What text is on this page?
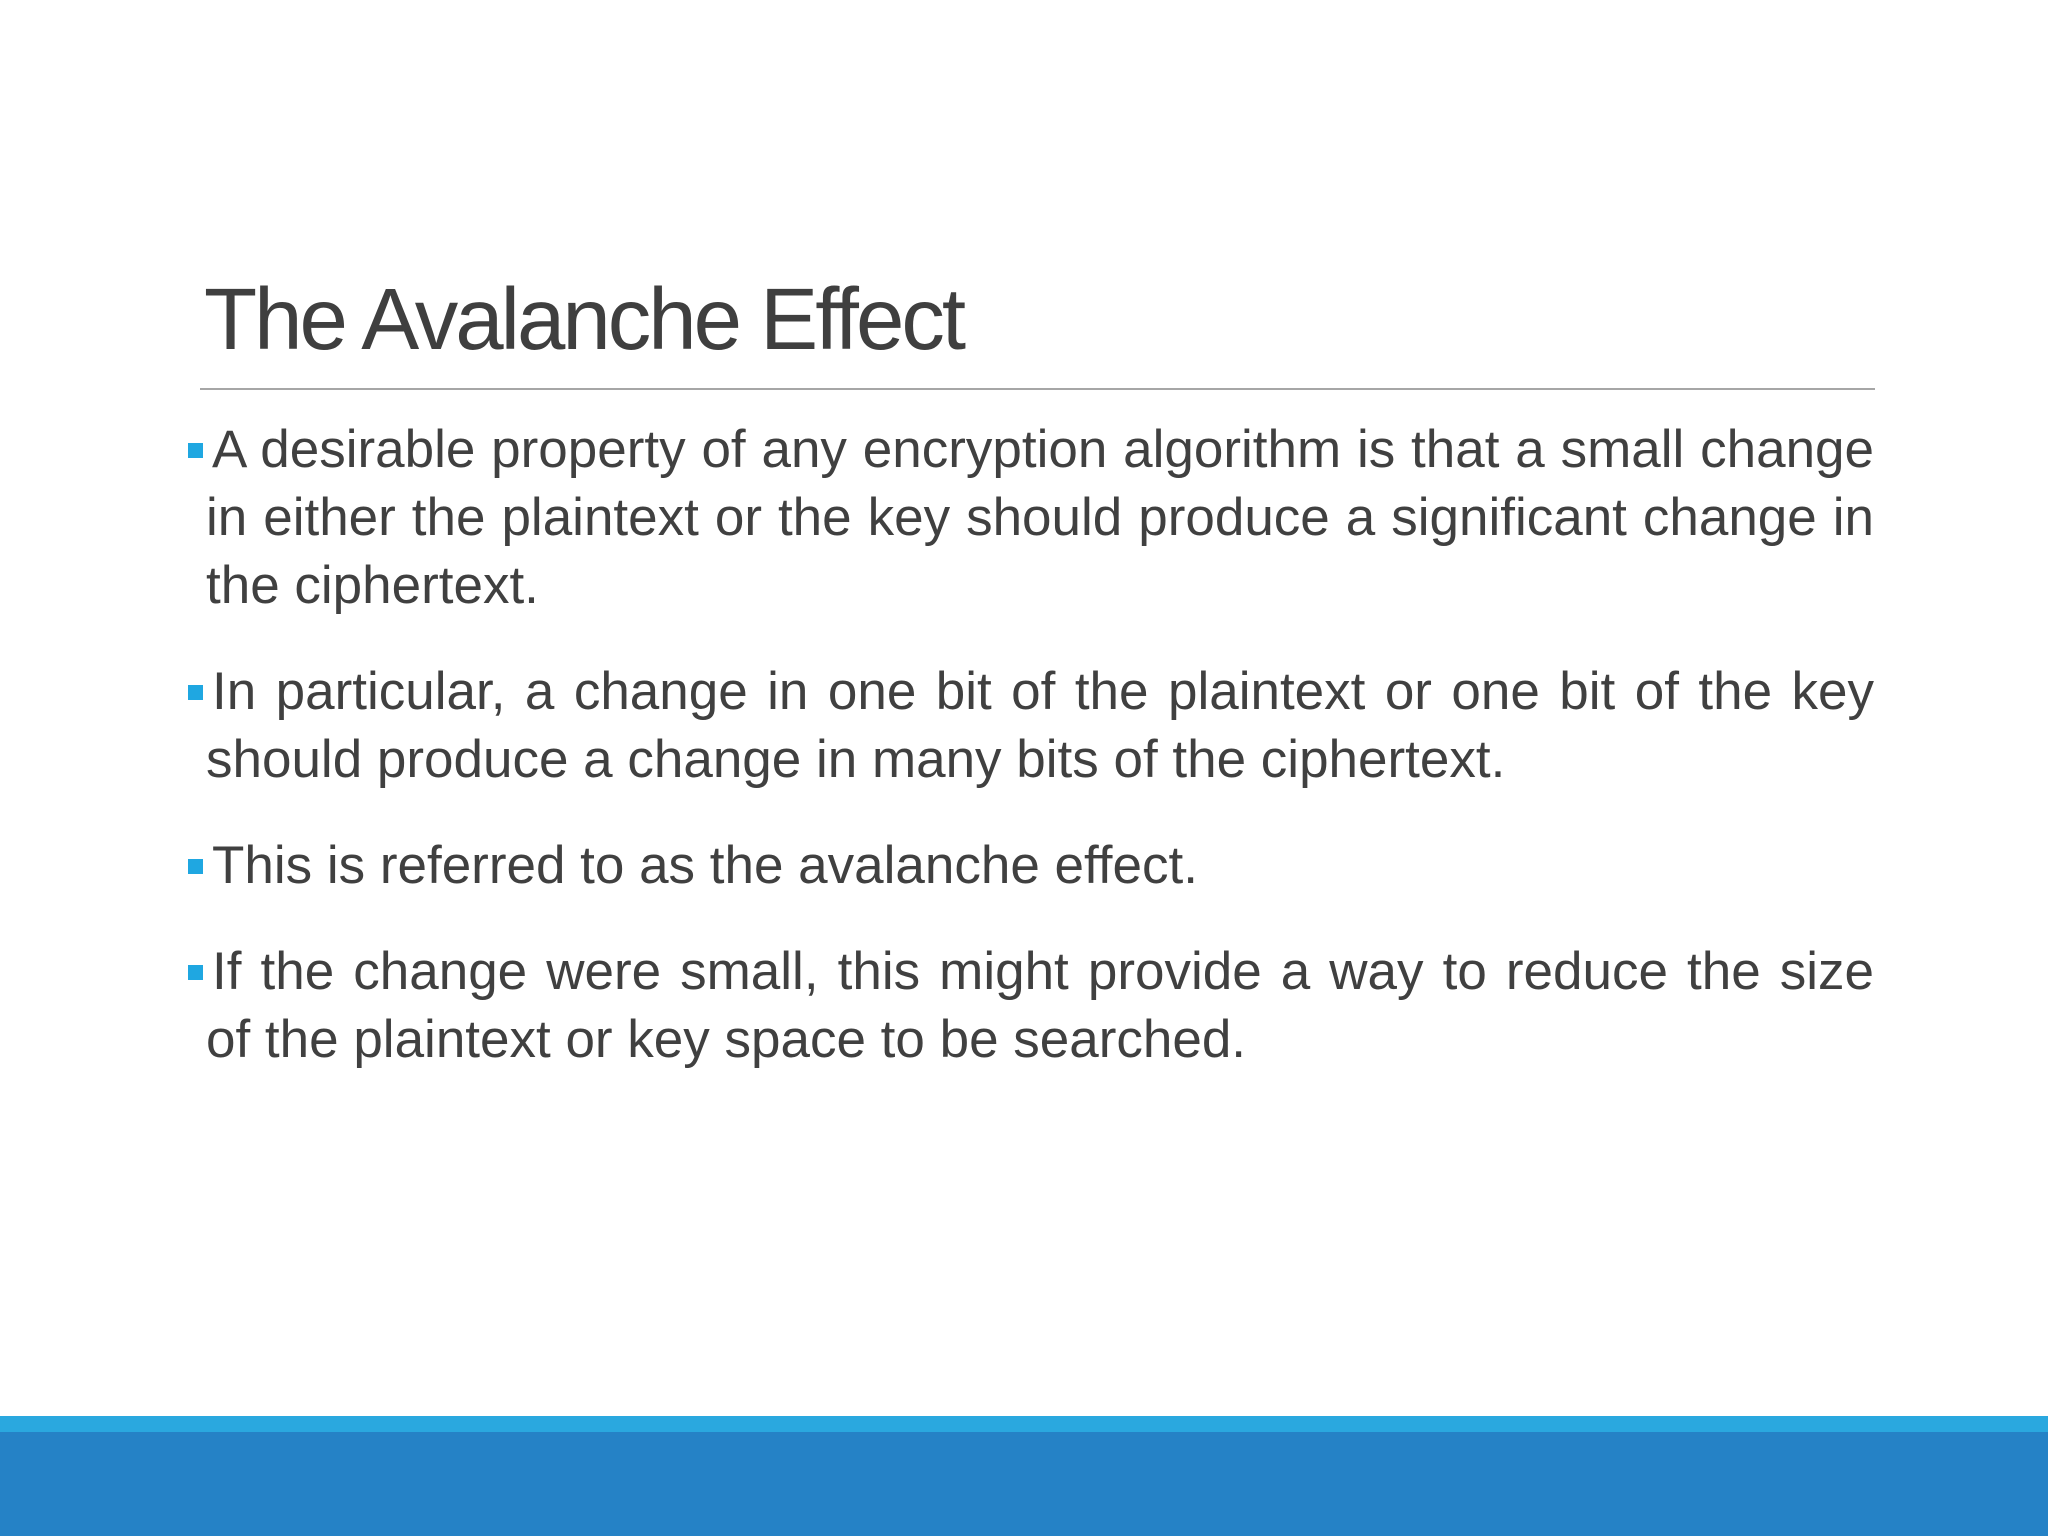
The Avalanche Effect
A desirable property of any encryption algorithm is that a small change in either the plaintext or the key should produce a significant change in the ciphertext.
In particular, a change in one bit of the plaintext or one bit of the key should produce a change in many bits of the ciphertext.
This is referred to as the avalanche effect.
If the change were small, this might provide a way to reduce the size of the plaintext or key space to be searched.
